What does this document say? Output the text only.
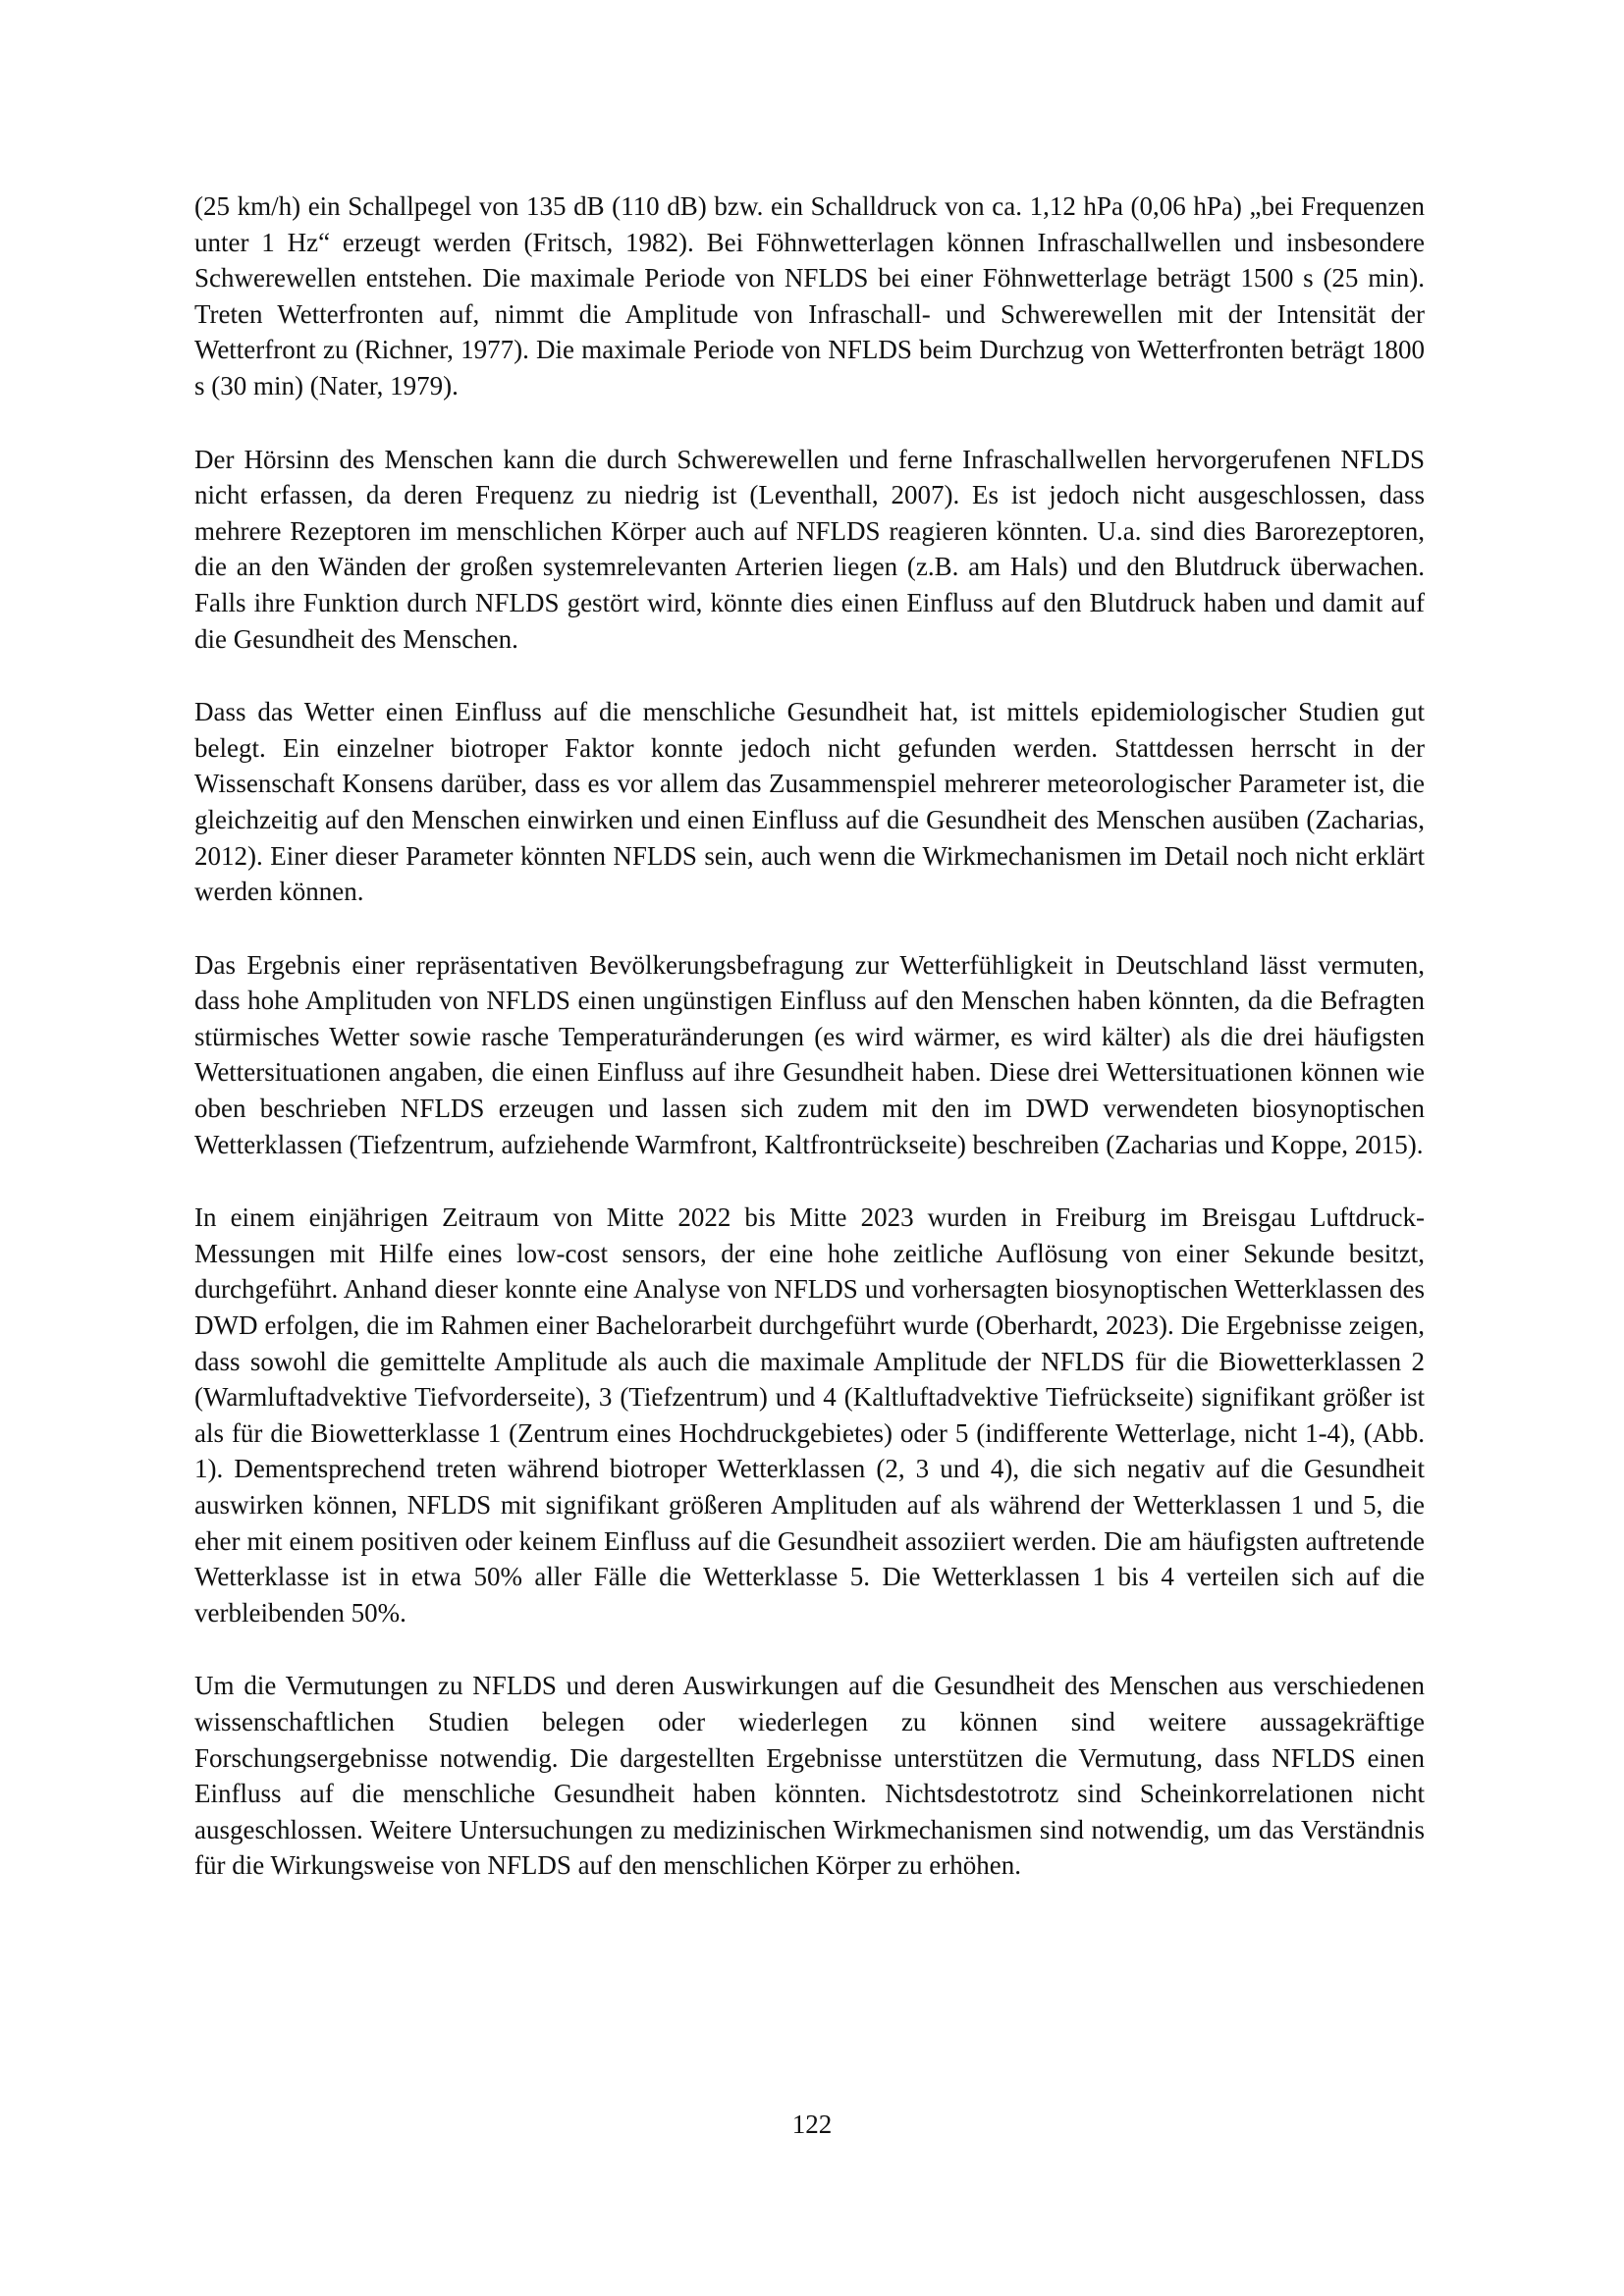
(25 km/h) ein Schallpegel von 135 dB (110 dB) bzw. ein Schalldruck von ca. 1,12 hPa (0,06 hPa) „bei Frequenzen unter 1 Hz“ erzeugt werden (Fritsch, 1982). Bei Föhnwetterlagen können Infraschallwellen und insbesondere Schwerewellen entstehen. Die maximale Periode von NFLDS bei einer Föhnwetterlage beträgt 1500 s (25 min). Treten Wetterfronten auf, nimmt die Amplitude von Infraschall- und Schwerewellen mit der Intensität der Wetterfront zu (Richner, 1977). Die maximale Periode von NFLDS beim Durchzug von Wetterfronten beträgt 1800 s (30 min) (Nater, 1979).

Der Hörsinn des Menschen kann die durch Schwerewellen und ferne Infraschallwellen hervorgerufenen NFLDS nicht erfassen, da deren Frequenz zu niedrig ist (Leventhall, 2007). Es ist jedoch nicht ausgeschlossen, dass mehrere Rezeptoren im menschlichen Körper auch auf NFLDS reagieren könnten. U.a. sind dies Barorezeptoren, die an den Wänden der großen systemrelevanten Arterien liegen (z.B. am Hals) und den Blutdruck überwachen. Falls ihre Funktion durch NFLDS gestört wird, könnte dies einen Einfluss auf den Blutdruck haben und damit auf die Gesundheit des Menschen.

Dass das Wetter einen Einfluss auf die menschliche Gesundheit hat, ist mittels epidemiologischer Studien gut belegt. Ein einzelner biotroper Faktor konnte jedoch nicht gefunden werden. Stattdessen herrscht in der Wissenschaft Konsens darüber, dass es vor allem das Zusammenspiel mehrerer meteorologischer Parameter ist, die gleichzeitig auf den Menschen einwirken und einen Einfluss auf die Gesundheit des Menschen ausüben (Zacharias, 2012). Einer dieser Parameter könnten NFLDS sein, auch wenn die Wirkmechanismen im Detail noch nicht erklärt werden können.

Das Ergebnis einer repräsentativen Bevölkerungsbefragung zur Wetterfühligkeit in Deutschland lässt vermuten, dass hohe Amplituden von NFLDS einen ungünstigen Einfluss auf den Menschen haben könnten, da die Befragten stürmisches Wetter sowie rasche Temperaturänderungen (es wird wärmer, es wird kälter) als die drei häufigsten Wettersituationen angaben, die einen Einfluss auf ihre Gesundheit haben. Diese drei Wettersituationen können wie oben beschrieben NFLDS erzeugen und lassen sich zudem mit den im DWD verwendeten biosynoptischen Wetterklassen (Tiefzentrum, aufziehende Warmfront, Kaltfrontrückseite) beschreiben (Zacharias und Koppe, 2015).

In einem einjährigen Zeitraum von Mitte 2022 bis Mitte 2023 wurden in Freiburg im Breisgau Luftdruck-Messungen mit Hilfe eines low-cost sensors, der eine hohe zeitliche Auflösung von einer Sekunde besitzt, durchgeführt. Anhand dieser konnte eine Analyse von NFLDS und vorhersagten biosynoptischen Wetterklassen des DWD erfolgen, die im Rahmen einer Bachelorarbeit durchgeführt wurde (Oberhardt, 2023). Die Ergebnisse zeigen, dass sowohl die gemittelte Amplitude als auch die maximale Amplitude der NFLDS für die Biowetterklassen 2 (Warmluftadvektive Tiefvorderseite), 3 (Tiefzentrum) und 4 (Kaltluftadvektive Tiefrückseite) signifikant größer ist als für die Biowetterklasse 1 (Zentrum eines Hochdruckgebietes) oder 5 (indifferente Wetterlage, nicht 1-4), (Abb. 1). Dementsprechend treten während biotroper Wetterklassen (2, 3 und 4), die sich negativ auf die Gesundheit auswirken können, NFLDS mit signifikant größeren Amplituden auf als während der Wetterklassen 1 und 5, die eher mit einem positiven oder keinem Einfluss auf die Gesundheit assoziiert werden. Die am häufigsten auftretende Wetterklasse ist in etwa 50% aller Fälle die Wetterklasse 5. Die Wetterklassen 1 bis 4 verteilen sich auf die verbleibenden 50%.

Um die Vermutungen zu NFLDS und deren Auswirkungen auf die Gesundheit des Menschen aus verschiedenen wissenschaftlichen Studien belegen oder wiederlegen zu können sind weitere aussagekräftige Forschungsergebnisse notwendig. Die dargestellten Ergebnisse unterstützen die Vermutung, dass NFLDS einen Einfluss auf die menschliche Gesundheit haben könnten. Nichtsdestotrotz sind Scheinkorrelationen nicht ausgeschlossen. Weitere Untersuchungen zu medizinischen Wirkmechanismen sind notwendig, um das Verständnis für die Wirkungsweise von NFLDS auf den menschlichen Körper zu erhöhen.

122
